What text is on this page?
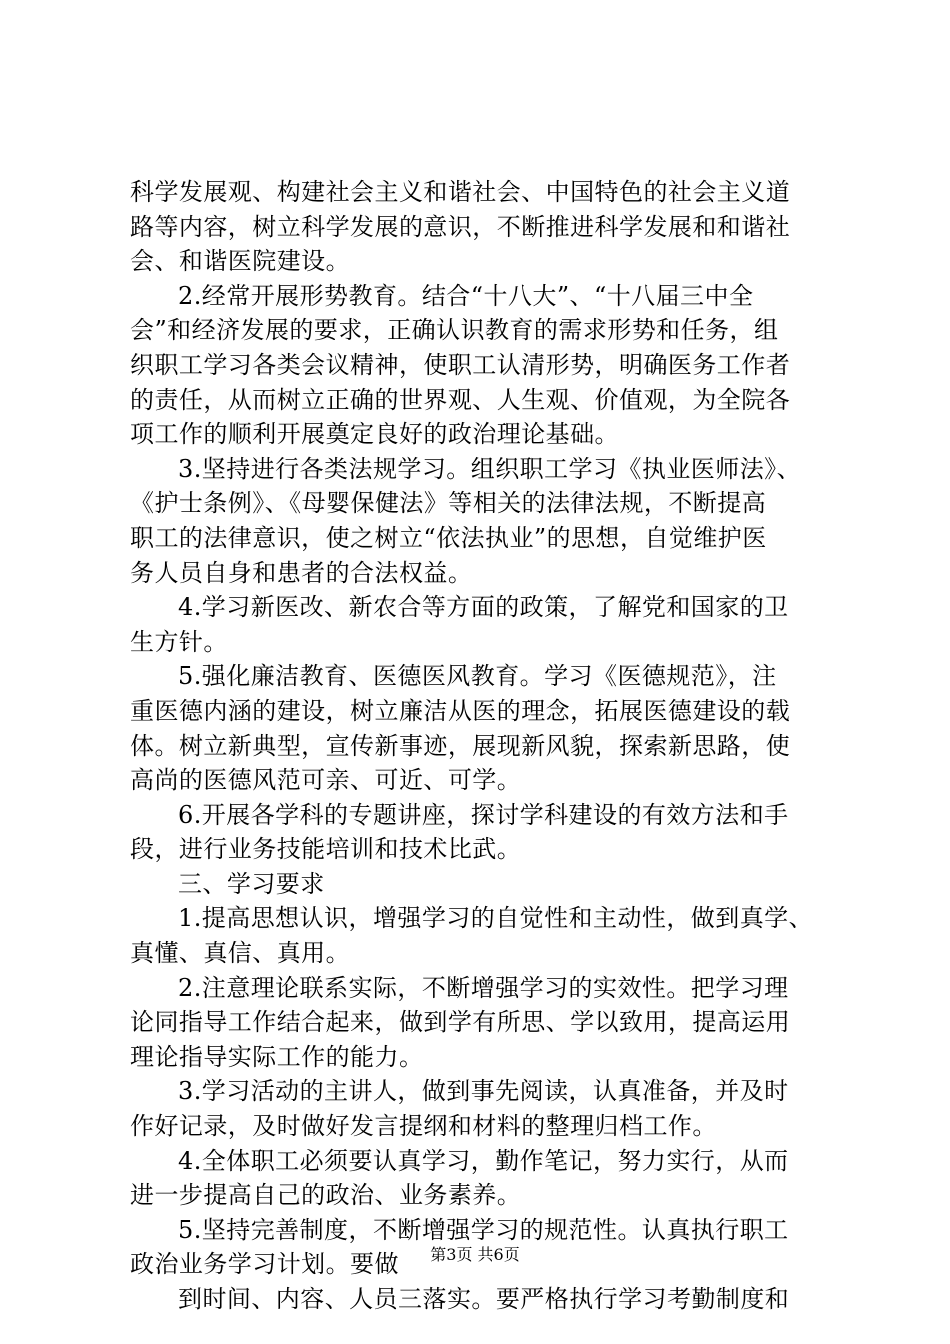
科学发展观、构建社会主义和谐社会、中国特色的社会主义道
路等内容，树立科学发展的意识，不断推进科学发展和和谐社
会、和谐医院建设。
2.经常开展形势教育。结合“十八大”、“十八届三中全
会”和经济发展的要求，正确认识教育的需求形势和任务，组
织职工学习各类会议精神，使职工认清形势，明确医务工作者
的责任，从而树立正确的世界观、人生观、价值观，为全院各
项工作的顺利开展奠定良好的政治理论基础。
3.坚持进行各类法规学习。组织职工学习《执业医师法》、
《护士条例》、《母婴保健法》等相关的法律法规，不断提高
职工的法律意识，使之树立“依法执业”的思想，自觉维护医
务人员自身和患者的合法权益。
4.学习新医改、新农合等方面的政策，了解党和国家的卫
生方针。
5.强化廉洁教育、医德医风教育。学习《医德规范》，注
重医德内涵的建设，树立廉洁从医的理念，拓展医德建设的载
体。树立新典型，宣传新事迹，展现新风貌，探索新思路，使
高尚的医德风范可亲、可近、可学。
6.开展各学科的专题讲座，探讨学科建设的有效方法和手
段，进行业务技能培训和技术比武。
三、学习要求
1.提高思想认识，增强学习的自觉性和主动性，做到真学、
真懂、真信、真用。
2.注意理论联系实际，不断增强学习的实效性。把学习理
论同指导工作结合起来，做到学有所思、学以致用，提高运用
理论指导实际工作的能力。
3.学习活动的主讲人，做到事先阅读，认真准备，并及时
作好记录，及时做好发言提纲和材料的整理归档工作。
4.全体职工必须要认真学习，勤作笔记，努力实行，从而
进一步提高自己的政治、业务素养。
5.坚持完善制度，不断增强学习的规范性。认真执行职工
政治业务学习计划。要做
到时间、内容、人员三落实。要严格执行学习考勤制度和
第3页 共6页
